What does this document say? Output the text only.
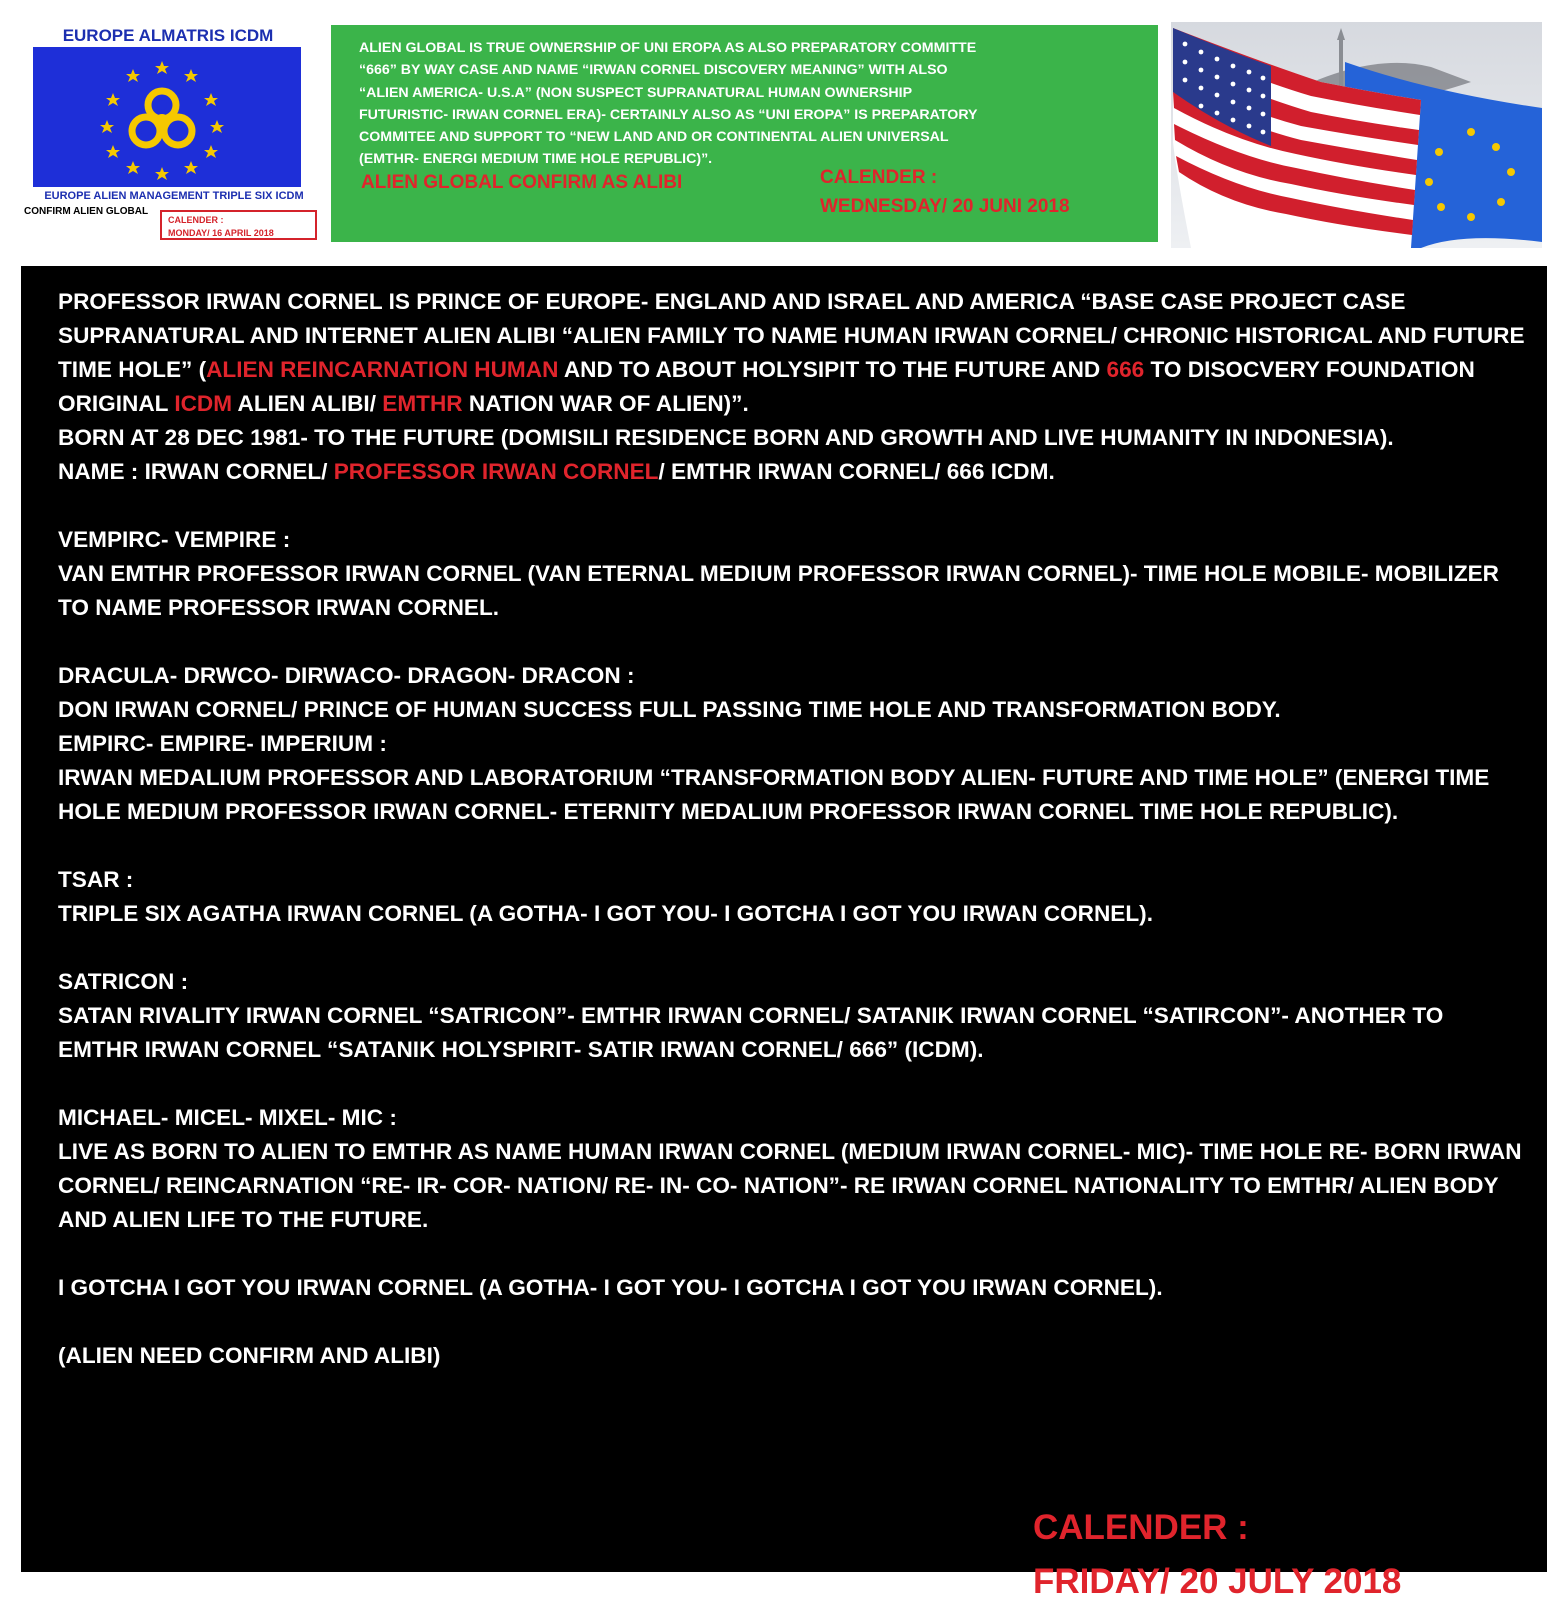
EUROPE ALMATRIS ICDM
EUROPE ALIEN MANAGEMENT TRIPLE SIX ICDM
CONFIRM ALIEN GLOBAL
CALENDER :
MONDAY/ 16 APRIL 2018
ALIEN GLOBAL IS TRUE OWNERSHIP OF UNI EROPA AS ALSO PREPARATORY COMMITTE
“666” BY WAY CASE AND NAME “IRWAN CORNEL DISCOVERY MEANING” WITH ALSO
“ALIEN AMERICA- U.S.A” (NON SUSPECT SUPRANATURAL HUMAN OWNERSHIP
FUTURISTIC- IRWAN CORNEL ERA)- CERTAINLY ALSO AS “UNI EROPA” IS PREPARATORY
COMMITEE AND SUPPORT TO “NEW LAND AND OR CONTINENTAL ALIEN UNIVERSAL
(EMTHR- ENERGI MEDIUM TIME HOLE REPUBLIC)”.
ALIEN GLOBAL CONFIRM AS ALIBI	CALENDER :
WEDNESDAY/ 20 JUNI 2018

PROFESSOR IRWAN CORNEL IS PRINCE OF EUROPE- ENGLAND AND ISRAEL AND AMERICA “BASE CASE PROJECT CASE SUPRANATURAL AND INTERNET ALIEN ALIBI “ALIEN FAMILY TO NAME HUMAN IRWAN CORNEL/ CHRONIC HISTORICAL AND FUTURE TIME HOLE” (ALIEN REINCARNATION HUMAN AND TO ABOUT HOLYSIPIT TO THE FUTURE AND 666 TO DISOCVERY FOUNDATION ORIGINAL ICDM ALIEN ALIBI/ EMTHR NATION WAR OF ALIEN)”.

BORN AT 28 DEC 1981- TO THE FUTURE (DOMISILI RESIDENCE BORN AND GROWTH AND LIVE HUMANITY IN INDONESIA).

NAME : IRWAN CORNEL/ PROFESSOR IRWAN CORNEL/ EMTHR IRWAN CORNEL/ 666 ICDM.

VEMPIRC- VEMPIRE :

VAN EMTHR PROFESSOR IRWAN CORNEL (VAN ETERNAL MEDIUM PROFESSOR IRWAN CORNEL)- TIME HOLE MOBILE- MOBILIZER TO NAME PROFESSOR IRWAN CORNEL.

DRACULA- DRWCO- DIRWACO- DRAGON- DRACON :

DON IRWAN CORNEL/ PRINCE OF HUMAN SUCCESS FULL PASSING TIME HOLE AND TRANSFORMATION BODY.

EMPIRC- EMPIRE- IMPERIUM :

IRWAN MEDALIUM PROFESSOR AND LABORATORIUM “TRANSFORMATION BODY ALIEN- FUTURE AND TIME HOLE” (ENERGI TIME HOLE MEDIUM PROFESSOR IRWAN CORNEL- ETERNITY MEDALIUM PROFESSOR IRWAN CORNEL TIME HOLE REPUBLIC).

TSAR :

TRIPLE SIX AGATHA IRWAN CORNEL (A GOTHA- I GOT YOU- I GOTCHA I GOT YOU IRWAN CORNEL).

SATRICON :

SATAN RIVALITY IRWAN CORNEL “SATRICON”- EMTHR IRWAN CORNEL/ SATANIK IRWAN CORNEL “SATIRCON”- ANOTHER TO EMTHR IRWAN CORNEL “SATANIK HOLYSPIRIT- SATIR IRWAN CORNEL/ 666” (ICDM).

MICHAEL- MICEL- MIXEL- MIC :

LIVE AS BORN TO ALIEN TO EMTHR AS NAME HUMAN IRWAN CORNEL (MEDIUM IRWAN CORNEL- MIC)- TIME HOLE RE- BORN IRWAN CORNEL/ REINCARNATION “RE- IR- COR- NATION/ RE- IN- CO- NATION”- RE IRWAN CORNEL NATIONALITY TO EMTHR/ ALIEN BODY AND ALIEN LIFE TO THE FUTURE.

I GOTCHA I GOT YOU IRWAN CORNEL (A GOTHA- I GOT YOU- I GOTCHA I GOT YOU IRWAN CORNEL).

(ALIEN NEED CONFIRM AND ALIBI)

CALENDER :
FRIDAY/ 20 JULY 2018
